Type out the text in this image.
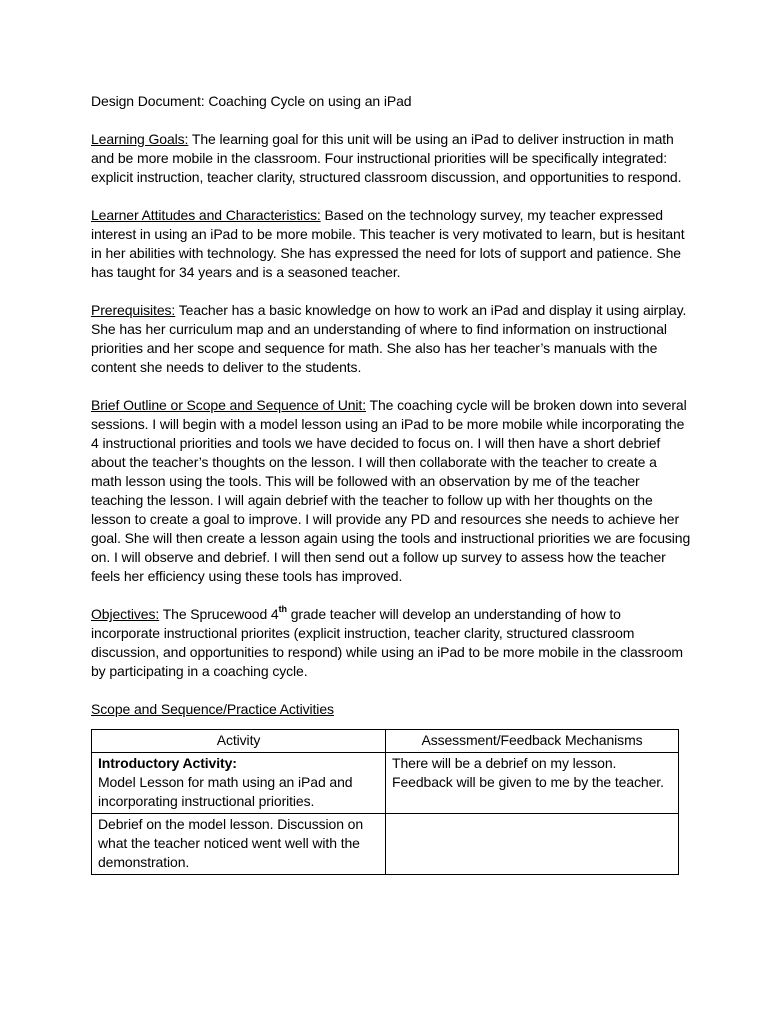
Design Document: Coaching Cycle on using an iPad

Learning Goals: The learning goal for this unit will be using an iPad to deliver instruction in math and be more mobile in the classroom. Four instructional priorities will be specifically integrated: explicit instruction, teacher clarity, structured classroom discussion, and opportunities to respond.

Learner Attitudes and Characteristics: Based on the technology survey, my teacher expressed interest in using an iPad to be more mobile. This teacher is very motivated to learn, but is hesitant in her abilities with technology. She has expressed the need for lots of support and patience. She has taught for 34 years and is a seasoned teacher.

Prerequisites: Teacher has a basic knowledge on how to work an iPad and display it using airplay. She has her curriculum map and an understanding of where to find information on instructional priorities and her scope and sequence for math. She also has her teacher’s manuals with the content she needs to deliver to the students.

Brief Outline or Scope and Sequence of Unit: The coaching cycle will be broken down into several sessions. I will begin with a model lesson using an iPad to be more mobile while incorporating the 4 instructional priorities and tools we have decided to focus on. I will then have a short debrief about the teacher’s thoughts on the lesson. I will then collaborate with the teacher to create a math lesson using the tools. This will be followed with an observation by me of the teacher teaching the lesson. I will again debrief with the teacher to follow up with her thoughts on the lesson to create a goal to improve. I will provide any PD and resources she needs to achieve her goal. She will then create a lesson again using the tools and instructional priorities we are focusing on. I will observe and debrief. I will then send out a follow up survey to assess how the teacher feels her efficiency using these tools has improved.

Objectives: The Sprucewood 4th grade teacher will develop an understanding of how to incorporate instructional priorites (explicit instruction, teacher clarity, structured classroom discussion, and opportunities to respond) while using an iPad to be more mobile in the classroom by participating in a coaching cycle.

Scope and Sequence/Practice Activities

Activity	Assessment/Feedback Mechanisms

Introductory Activity:
Model Lesson for math using an iPad and incorporating instructional priorities.	There will be a debrief on my lesson.
Feedback will be given to me by the teacher.

Debrief on the model lesson. Discussion on what the teacher noticed went well with the demonstration.	
